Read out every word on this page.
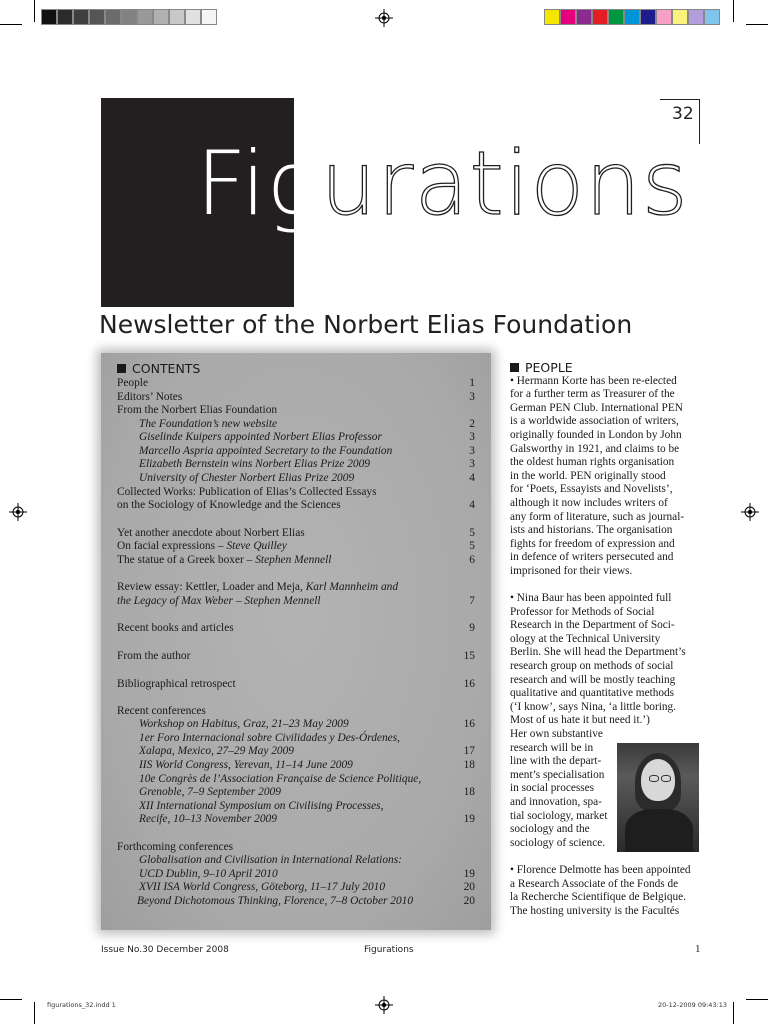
Figurations
32
Newsletter of the Norbert Elias Foundation
CONTENTS
People	1
Editors’ Notes	3
From the Norbert Elias Foundation
The Foundation’s new website	2
Giselinde Kuipers appointed Norbert Elias Professor	3
Marcello Aspria appointed Secretary to the Foundation	3
Elizabeth Bernstein wins Norbert Elias Prize 2009	3
University of Chester Norbert Elias Prize 2009	4
Collected Works: Publication of Elias’s Collected Essays
on the Sociology of Knowledge and the Sciences	4
Yet another anecdote about Norbert Elias	5
On facial expressions – Steve Quilley	5
The statue of a Greek boxer – Stephen Mennell	6
Review essay: Kettler, Loader and Meja, Karl Mannheim and
the Legacy of Max Weber – Stephen Mennell	7
Recent books and articles	9
From the author	15
Bibliographical retrospect	16
Recent conferences
Workshop on Habitus, Graz, 21–23 May 2009	16
1er Foro Internacional sobre Civilidades y Des-Órdenes,
Xalapa, Mexico, 27–29 May 2009	17
IIS World Congress, Yerevan, 11–14 June 2009	18
10e Congrès de l’Association Française de Science Politique,
Grenoble, 7–9 September 2009	18
XII International Symposium on Civilising Processes,
Recife, 10–13 November 2009	19
Forthcoming conferences
Globalisation and Civilisation in International Relations:
UCD Dublin, 9–10 April 2010	19
XVII ISA World Congress, Göteborg, 11–17 July 2010	20
Beyond Dichotomous Thinking, Florence, 7–8 October 2010	20
PEOPLE
• Hermann Korte has been re-elected
for a further term as Treasurer of the
German PEN Club. International PEN
is a worldwide association of writers,
originally founded in London by John
Galsworthy in 1921, and claims to be
the oldest human rights organisation
in the world. PEN originally stood
for ‘Poets, Essayists and Novelists’,
although it now includes writers of
any form of literature, such as journal-
ists and historians. The organisation
fights for freedom of expression and
in defence of writers persecuted and
imprisoned for their views.
• Nina Baur has been appointed full
Professor for Methods of Social
Research in the Department of Soci-
ology at the Technical University
Berlin. She will head the Department’s
research group on methods of social
research and will be mostly teaching
qualitative and quantitative methods
(‘I know’, says Nina, ‘a little boring.
Most of us hate it but need it.’)
Her own substantive
research will be in
line with the depart-
ment’s specialisation
in social processes
and innovation, spa-
tial sociology, market
sociology and the
sociology of science.
• Florence Delmotte has been appointed
a Research Associate of the Fonds de
la Recherche Scientifique de Belgique.
The hosting university is the Facultés
Issue No.30 December 2008	Figurations	1
figurations_32.indd 1	20-12-2009 09:43:13
